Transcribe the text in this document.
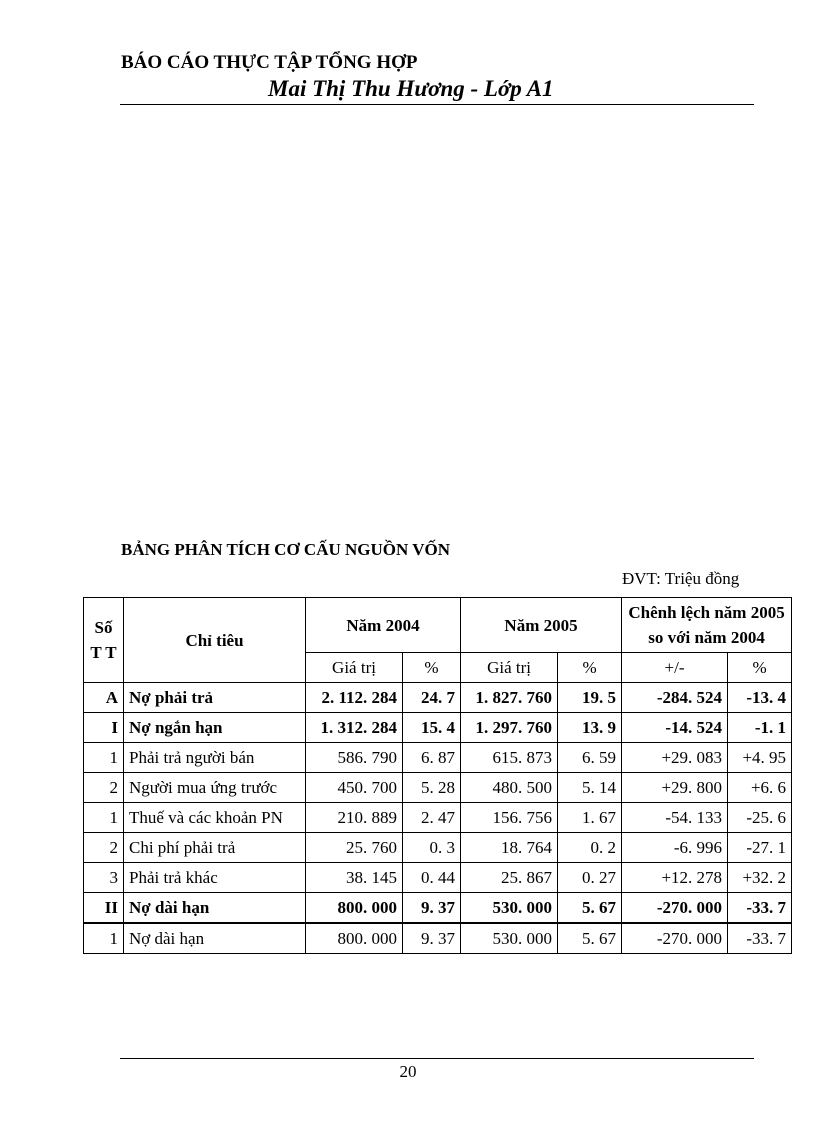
BÁO CÁO THỰC TẬP TỔNG HỢP
Mai Thị Thu Hương - Lớp A1
BẢNG PHÂN TÍCH CƠ CẤU NGUỒN VỐN
ĐVT: Triệu đồng
Số T T	Chỉ tiêu	Năm 2004		Năm 2005		Chênh lệch năm 2005 so với năm 2004	
		Giá trị	%	Giá trị	%	+/-	%
A	Nợ phải trả	2. 112. 284	24. 7	1. 827. 760	19. 5	-284. 524	-13. 4
I	Nợ ngắn hạn	1. 312. 284	15. 4	1. 297. 760	13. 9	-14. 524	-1. 1
1	Phải trả người bán	586. 790	6. 87	615. 873	6. 59	+29. 083	+4. 95
2	Người mua ứng trước	450. 700	5. 28	480. 500	5. 14	+29. 800	+6. 6
1	Thuế và các khoản PN	210. 889	2. 47	156. 756	1. 67	-54. 133	-25. 6
2	Chi phí phải trả	25. 760	0. 3	18. 764	0. 2	-6. 996	-27. 1
3	Phải trả khác	38. 145	0. 44	25. 867	0. 27	+12. 278	+32. 2
II	Nợ dài hạn	800. 000	9. 37	530. 000	5. 67	-270. 000	-33. 7
1	Nợ dài hạn	800. 000	9. 37	530. 000	5. 67	-270. 000	-33. 7
20
